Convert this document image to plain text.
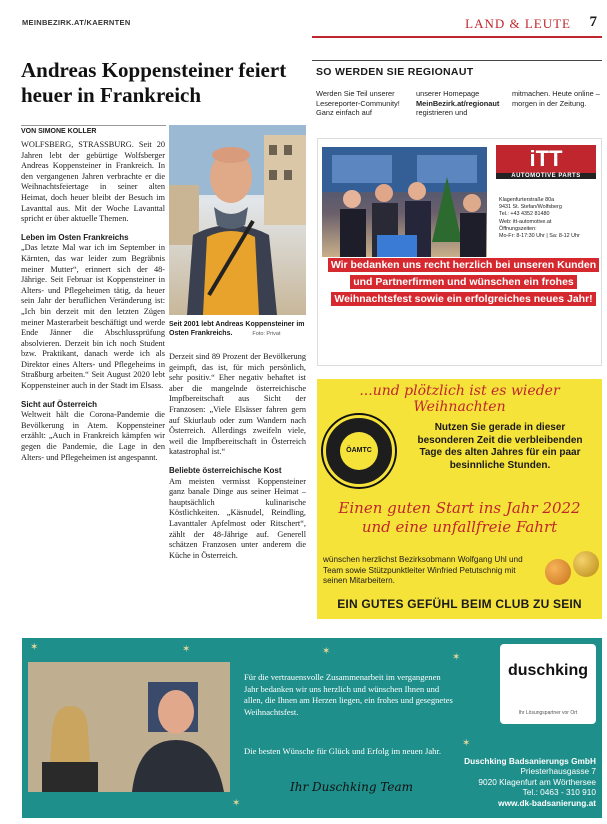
MEINBEZIRK.AT/KAERNTEN	LAND & LEUTE 7
Andreas Koppensteiner feiert heuer in Frankreich
VON SIMONE KOLLER

WOLFSBERG, STRASSBURG. Seit 20 Jahren lebt der gebürtige Wolfsberger Andreas Koppensteiner in Frankreich. In den vergangenen Jahren verbrachte er die Weihnachtsfeiertage in seiner alten Heimat, doch heuer bleibt der Besuch im Lavanttal aus. Mit der Woche Lavanttal spricht er über aktuelle Themen.

Leben im Osten Frankreichs

„Das letzte Mal war ich im September in Kärnten, das war leider zum Begräbnis meiner Mutter“, erinnert sich der 48-Jährige. Seit Februar ist Koppensteiner in Alters- und Pflegeheimen tätig, da heuer sein Jahr der beruflichen Veränderung ist: „Ich bin derzeit mit den letzten Zügen meiner Masterarbeit beschäftigt und werde Ende Jänner die Abschlussprüfung absolvieren. Derzeit bin ich noch Student bzw. Praktikant, danach werde ich als Direktor eines Alters- und Pflegeheims in Straßburg arbeiten.“ Seit August 2020 lebt Koppensteiner auch in der Stadt im Elsass.

Sicht auf Österreich

Weltweit hält die Corona-Pandemie die Bevölkerung in Atem. Koppensteiner erzählt: „Auch in Frankreich kämpfen wir gegen die Pandemie, die Lage in den Alters- und Pflegeheimen ist angespannt.

Seit 2001 lebt Andreas Koppensteiner im Osten Frankreichs.	Foto: Privat

Derzeit sind 89 Prozent der Bevölkerung geimpft, das ist, für mich persönlich, sehr positiv.“ Eher negativ behaftet ist aber die mangelnde österreichische Impfbereitschaft aus Sicht der Franzosen: „Viele Elsässer fahren gern auf Skiurlaub oder zum Wandern nach Österreich. Allerdings zweifeln viele, weil die Impfbereitschaft in Österreich katastrophal ist.“

Beliebte österreichische Kost

Am meisten vermisst Koppensteiner ganz banale Dinge aus seiner Heimat – hauptsächlich kulinarische Köstlichkeiten. „Käsnudel, Reindling, Lavanttaler Apfelmost oder Ritschert“, zählt der 48-Jährige auf. Generell schätzen Franzosen unter anderem die Küche in Österreich.

SO WERDEN SIE REGIONAUT
Werden Sie Teil unserer Lesereporter-Community! Ganz einfach auf
unserer Homepage MeinBezirk.at/regionaut registrieren und
mitmachen. Heute online – morgen in der Zeitung.
iTT
AUTOMOTIVE PARTS
Klagenfurterstraße 80a
9431 St. Stefan/Wolfsberg
Tel.: +43 4352 81480
Web: itt-automotive.at
Öffnungszeiten:
Mo-Fr: 8-17:30 Uhr | Sa: 8-12 Uhr
Wir bedanken uns recht herzlich bei unseren Kunden und Partnerfirmen und wünschen ein frohes Weihnachtsfest sowie ein erfolgreiches neues Jahr!
...und plötzlich ist es wieder Weihnachten
ÖAMTC
Nutzen Sie gerade in dieser besonderen Zeit die verbleibenden Tage des alten Jahres für ein paar besinnliche Stunden.
Einen guten Start ins Jahr 2022 und eine unfallfreie Fahrt
wünschen herzlichst Bezirksobmann Wolfgang Uhl und Team sowie Stützpunktleiter Winfried Petutschnig mit seinen Mitarbeitern.
EIN GUTES GEFÜHL BEIM CLUB ZU SEIN
✶	✶	✶
✶
✶
✶
Für die vertrauensvolle Zusammenarbeit im vergangenen Jahr bedanken wir uns herzlich und wünschen Ihnen und allen, die Ihnen am Herzen liegen, ein frohes und gesegnetes Weihnachtsfest.
Die besten Wünsche für Glück und Erfolg im neuen Jahr.
Ihr Duschking Team
duschking
Ihr Lösungspartner vor Ort
Duschking Badsanierungs GmbH
Priesterhausgasse 7
9020 Klagenfurt am Wörthersee
Tel.: 0463 - 310 910
www.dk-badsanierung.at
